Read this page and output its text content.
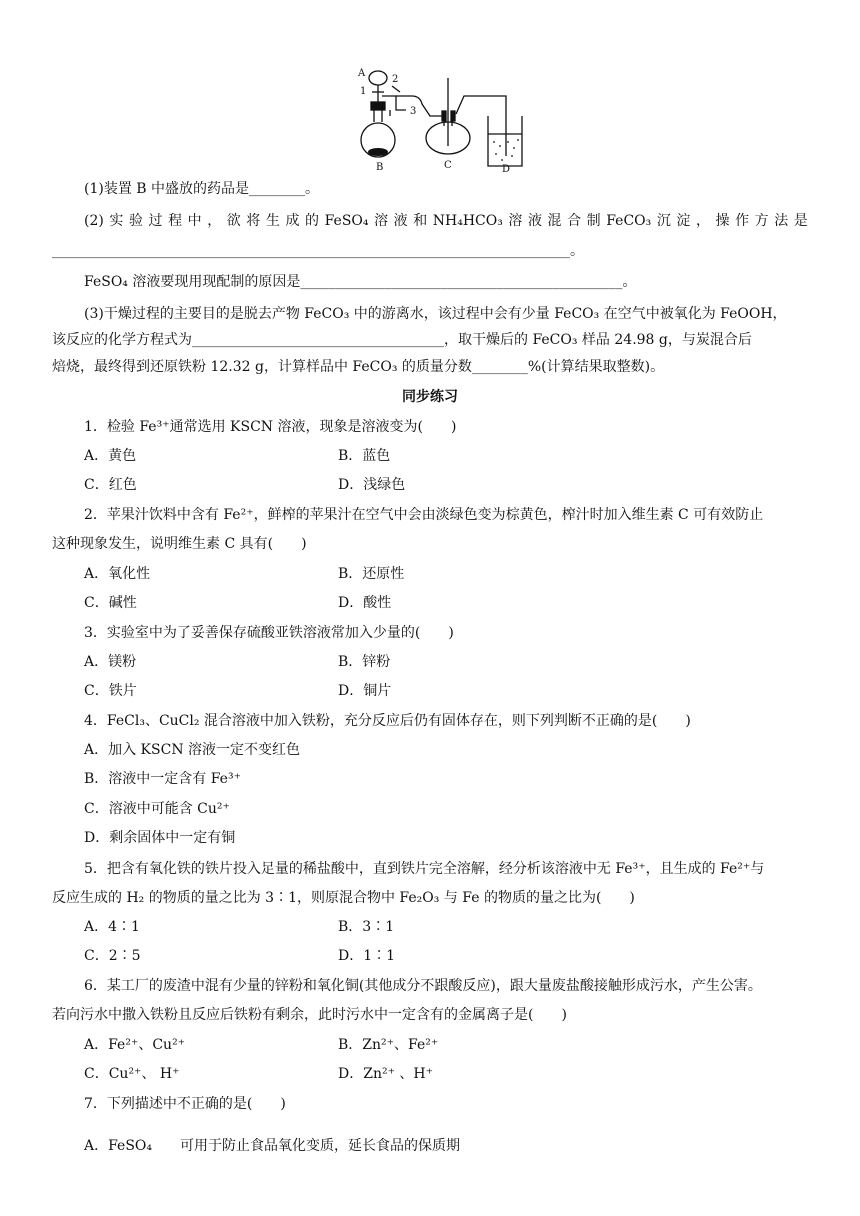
A
1
2
3
B	C	D
(1)装置 B 中盛放的药品是________。
(2) 实 验 过 程 中 ， 欲 将 生 成 的 FeSO₄ 溶 液 和 NH₄HCO₃ 溶 液 混 合 制 FeCO₃ 沉 淀 ， 操 作 方 法 是
__________________________________________________________________________。
FeSO₄ 溶液要现用现配制的原因是______________________________________________。
(3)干燥过程的主要目的是脱去产物 FeCO₃ 中的游离水，该过程中会有少量 FeCO₃ 在空气中被氧化为 FeOOH，
该反应的化学方程式为____________________________________，取干燥后的 FeCO₃ 样品 24.98 g，与炭混合后
焙烧，最终得到还原铁粉 12.32 g，计算样品中 FeCO₃ 的质量分数________%(计算结果取整数)。
同步练习
1．检验 Fe³⁺通常选用 KSCN 溶液，现象是溶液变为(　　)
A．黄色	B．蓝色
C．红色	D．浅绿色
2．苹果汁饮料中含有 Fe²⁺，鲜榨的苹果汁在空气中会由淡绿色变为棕黄色，榨汁时加入维生素 C 可有效防止
这种现象发生，说明维生素 C 具有(　　)
A．氧化性	B．还原性
C．碱性	D．酸性
3．实验室中为了妥善保存硫酸亚铁溶液常加入少量的(　　)
A．镁粉	B．锌粉
C．铁片	D．铜片
4．FeCl₃、CuCl₂ 混合溶液中加入铁粉，充分反应后仍有固体存在，则下列判断不正确的是(　　)
A．加入 KSCN 溶液一定不变红色
B．溶液中一定含有 Fe³⁺
C．溶液中可能含 Cu²⁺
D．剩余固体中一定有铜
5．把含有氧化铁的铁片投入足量的稀盐酸中，直到铁片完全溶解，经分析该溶液中无 Fe³⁺，且生成的 Fe²⁺与
反应生成的 H₂ 的物质的量之比为 3∶1，则原混合物中 Fe₂O₃ 与 Fe 的物质的量之比为(　　)
A．4∶1	B．3∶1
C．2∶5	D．1∶1
6．某工厂的废渣中混有少量的锌粉和氧化铜(其他成分不跟酸反应)，跟大量废盐酸接触形成污水，产生公害。
若向污水中撒入铁粉且反应后铁粉有剩余，此时污水中一定含有的金属离子是(　　)
A．Fe²⁺、Cu²⁺	B．Zn²⁺、Fe²⁺
C．Cu²⁺、 H⁺	D．Zn²⁺ 、H⁺
7．下列描述中不正确的是(　　)
A．FeSO₄　　可用于防止食品氧化变质，延长食品的保质期
